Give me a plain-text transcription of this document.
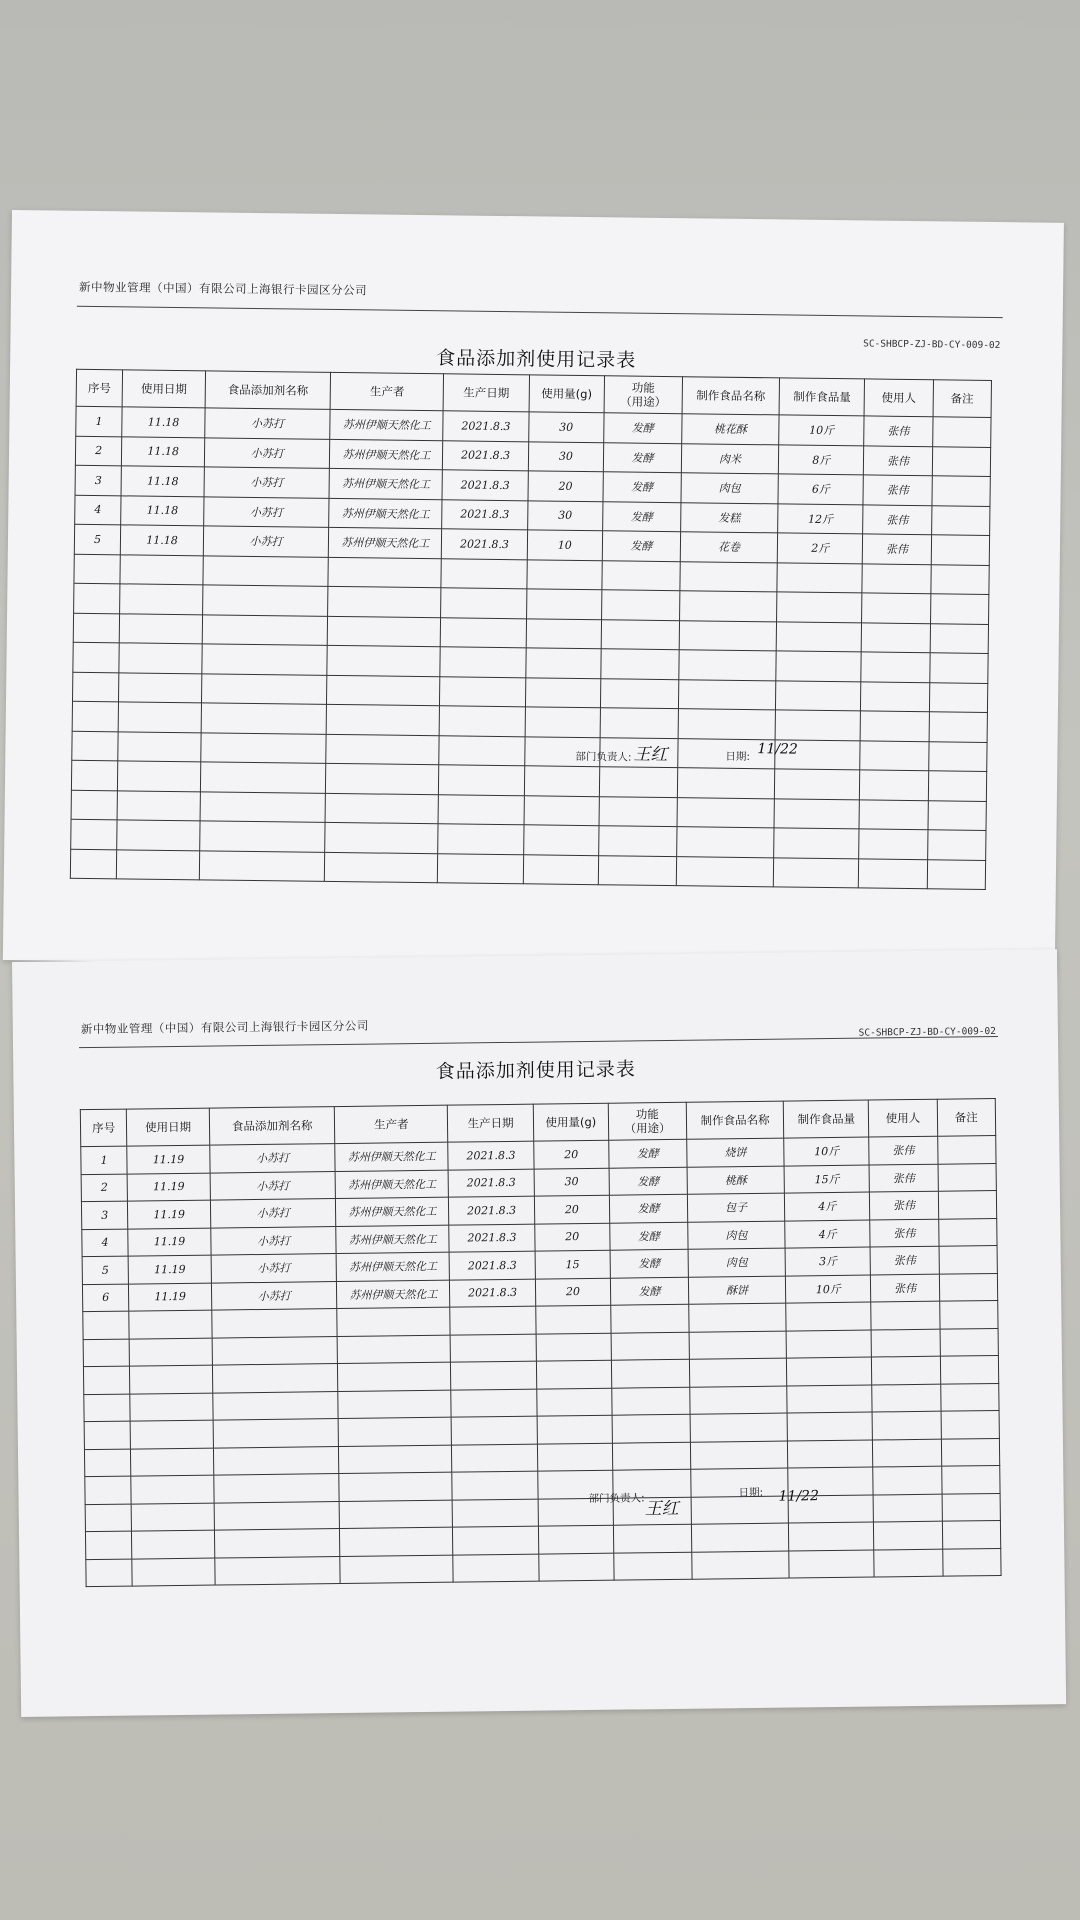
新中物业管理（中国）有限公司上海银行卡园区分公司
SC-SHBCP-ZJ-BD-CY-009-02
食品添加剂使用记录表
序号	使用日期	食品添加剂名称	生产者	生产日期	使用量(g)	功能
（用途）	制作食品名称	制作食品量	使用人	备注
1	11.18	小苏打	苏州伊顺天然化工	2021.8.3	30	发酵	桃花酥	10斤	张伟	
2	11.18	小苏打	苏州伊顺天然化工	2021.8.3	30	发酵	肉米	8斤	张伟	
3	11.18	小苏打	苏州伊顺天然化工	2021.8.3	20	发酵	肉包	6斤	张伟	
4	11.18	小苏打	苏州伊顺天然化工	2021.8.3	30	发酵	发糕	12斤	张伟	
5	11.18	小苏打	苏州伊顺天然化工	2021.8.3	10	发酵	花卷	2斤	张伟	

部门负责人: 王红	日期: 11/22
新中物业管理（中国）有限公司上海银行卡园区分公司	SC-SHBCP-ZJ-BD-CY-009-02
食品添加剂使用记录表
序号	使用日期	食品添加剂名称	生产者	生产日期	使用量(g)	功能
（用途）	制作食品名称	制作食品量	使用人	备注
1	11.19	小苏打	苏州伊顺天然化工	2021.8.3	20	发酵	烧饼	10斤	张伟	
2	11.19	小苏打	苏州伊顺天然化工	2021.8.3	30	发酵	桃酥	15斤	张伟	
3	11.19	小苏打	苏州伊顺天然化工	2021.8.3	20	发酵	包子	4斤	张伟	
4	11.19	小苏打	苏州伊顺天然化工	2021.8.3	20	发酵	肉包	4斤	张伟	
5	11.19	小苏打	苏州伊顺天然化工	2021.8.3	15	发酵	肉包	3斤	张伟	
6	11.19	小苏打	苏州伊顺天然化工	2021.8.3	20	发酵	酥饼	10斤	张伟	

部门负责人:
王红
日期: 11/22
